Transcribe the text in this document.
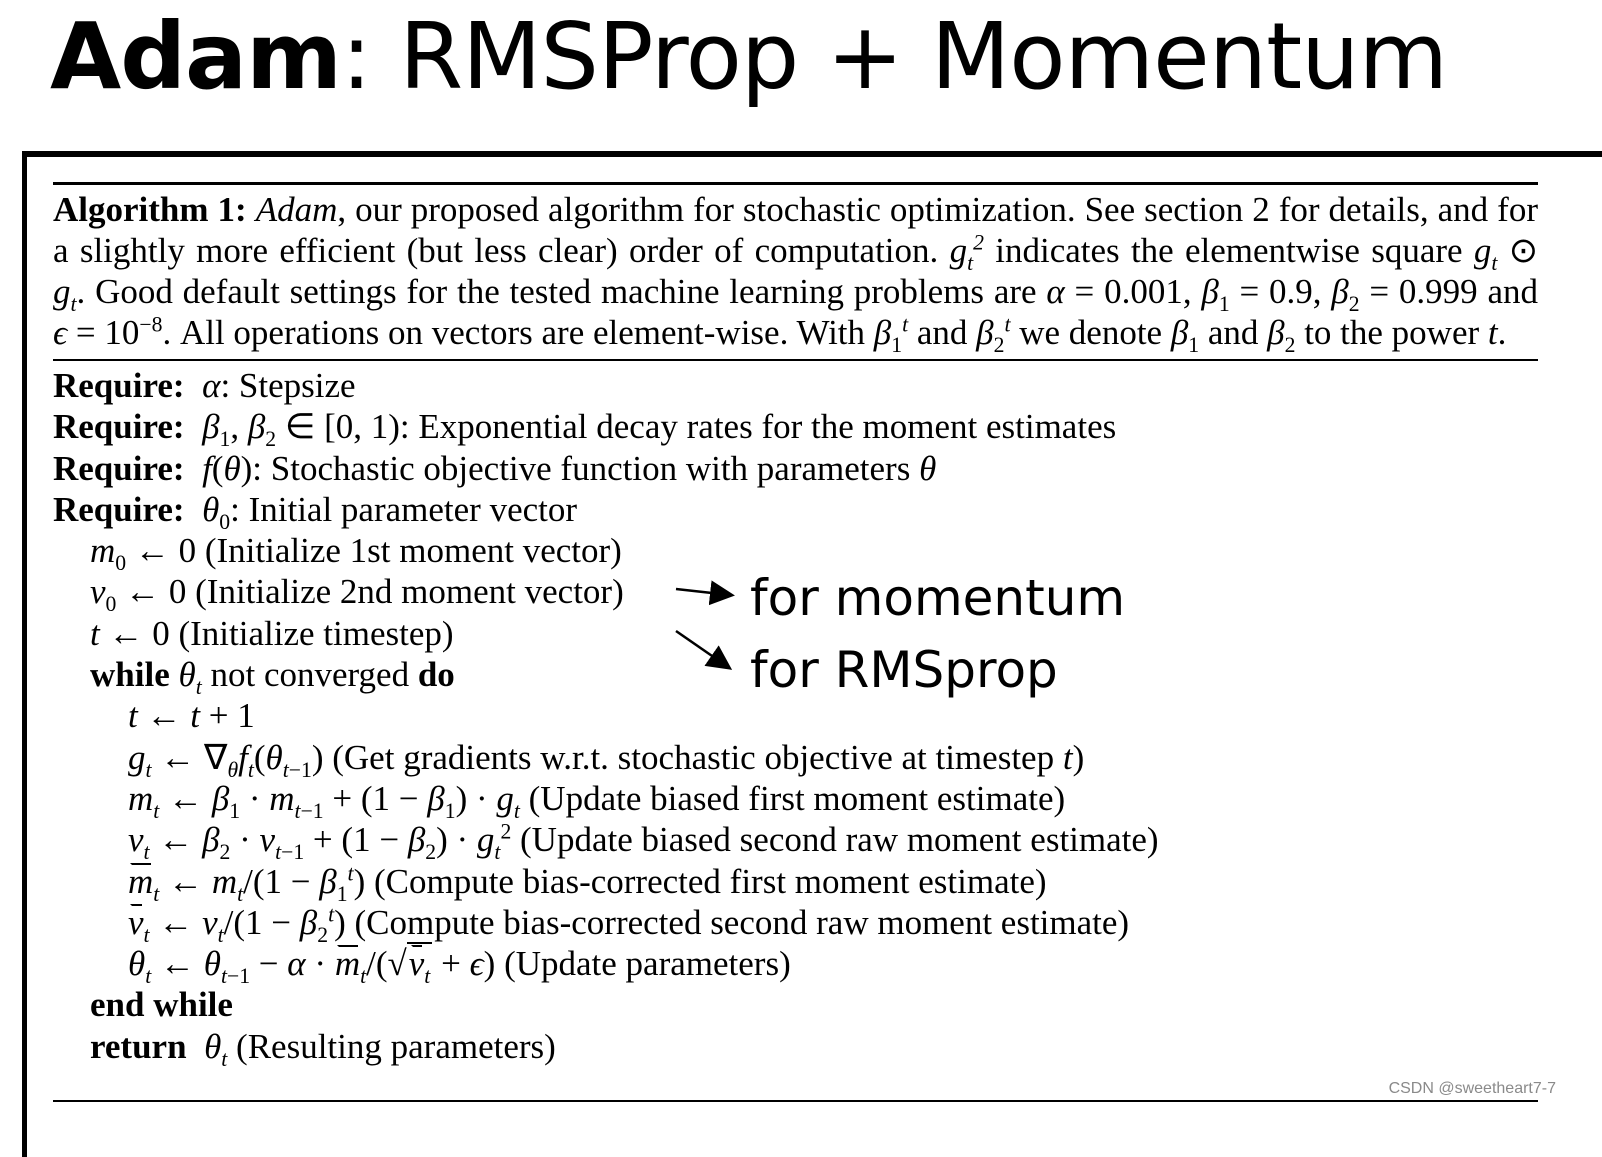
Adam: RMSProp + Momentum
Algorithm 1: Adam, our proposed algorithm for stochastic optimization. See section 2 for details, and for a slightly more efficient (but less clear) order of computation. $g_t^2$ indicates the elementwise square $g_t$ ⊙ $g_t$. Good default settings for the tested machine learning problems are α = 0.001, $\beta_1 = 0.9$, $\beta_2 = 0.999$ and $\epsilon = 10^{-8}$. All operations on vectors are element-wise. With $\beta_1^t$ and $\beta_2^t$ we denote $\beta_1$ and $\beta_2$ to the power t.
Require: α: Stepsize
Require: $\beta_1$, $\beta_2$ ∈ [0, 1): Exponential decay rates for the moment estimates
Require: f(θ): Stochastic objective function with parameters θ
Require: $\theta_0$: Initial parameter vector
$m_0$ ← 0 (Initialize 1st moment vector)
$v_0$ ← 0 (Initialize 2nd moment vector)
t ← 0 (Initialize timestep)
while $\theta_t$ not converged do
t ← t + 1
$g_t$ ← $\nabla_\theta f_t(\theta_{t-1})$ (Get gradients w.r.t. stochastic objective at timestep t)
$m_t$ ← $\beta_1 \cdot m_{t-1} + (1 - \beta_1) \cdot g_t$ (Update biased first moment estimate)
$v_t$ ← $\beta_2 \cdot v_{t-1} + (1 - \beta_2) \cdot g_t^2$ (Update biased second raw moment estimate)
$m_t$ ← $m_t/(1 - \beta_1^t)$ (Compute bias-corrected first moment estimate)
$v_t$ ← $v_t/(1 - \beta_2^t)$ (Compute bias-corrected second raw moment estimate)
$\theta_t$ ← $\theta_{t-1} - \alpha \cdot m_t/(√v_t + \epsilon)$ (Update parameters)
end while
return $\theta_t$ (Resulting parameters)
for momentum
for RMSprop
CSDN @sweetheart7-7
